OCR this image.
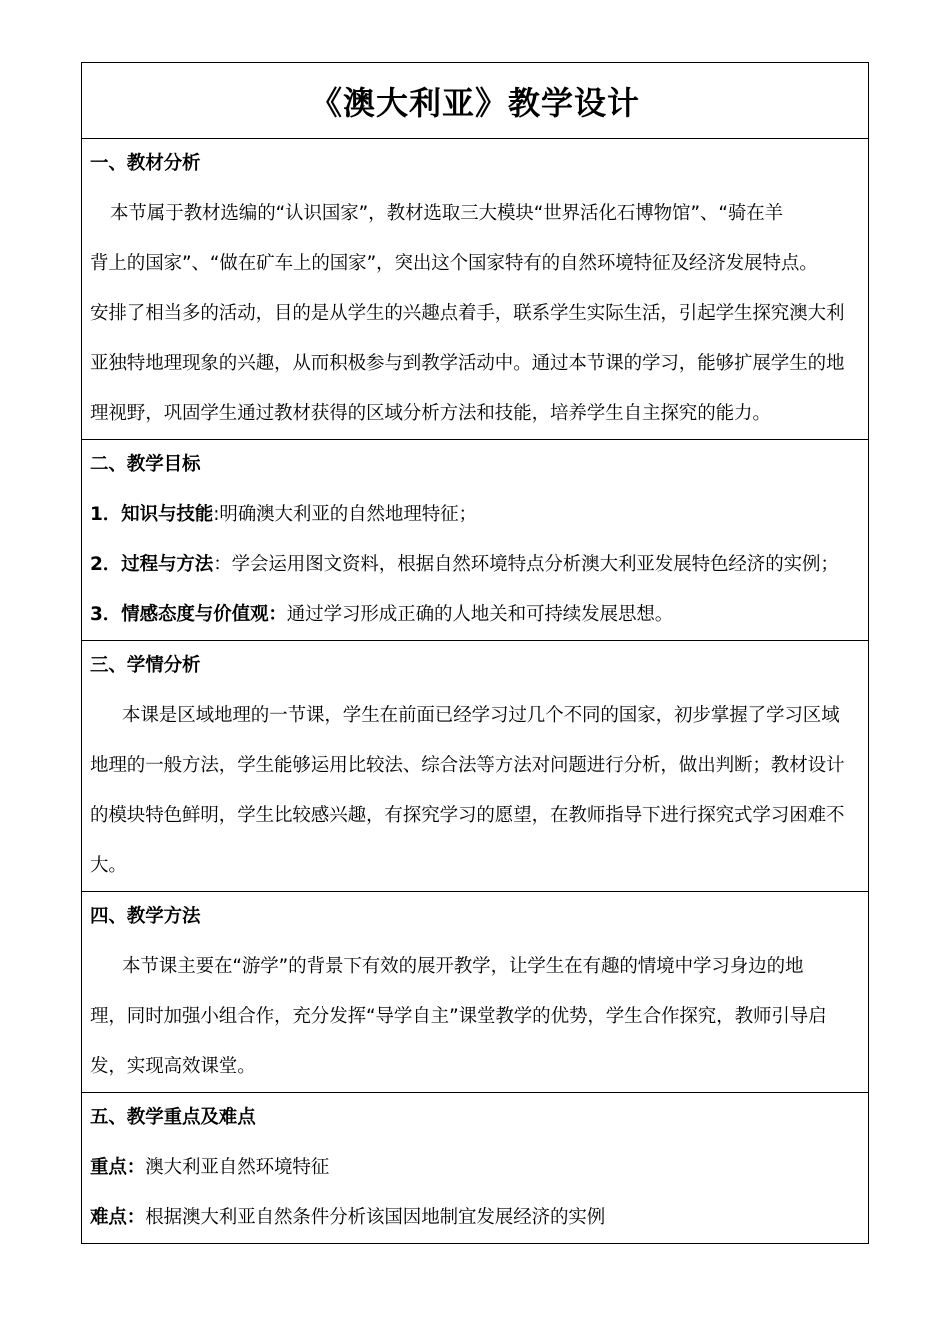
《澳大利亚》教学设计
一、教材分析
本节属于教材选编的“认识国家”，教材选取三大模块“世界活化石博物馆”、“骑在羊
背上的国家”、“做在矿车上的国家”，突出这个国家特有的自然环境特征及经济发展特点。
安排了相当多的活动，目的是从学生的兴趣点着手，联系学生实际生活，引起学生探究澳大利
亚独特地理现象的兴趣，从而积极参与到教学活动中。通过本节课的学习，能够扩展学生的地
理视野，巩固学生通过教材获得的区域分析方法和技能，培养学生自主探究的能力。
二、教学目标
1．知识与技能:明确澳大利亚的自然地理特征；
2．过程与方法：学会运用图文资料，根据自然环境特点分析澳大利亚发展特色经济的实例；
3．情感态度与价值观：通过学习形成正确的人地关和可持续发展思想。
三、学情分析
本课是区域地理的一节课，学生在前面已经学习过几个不同的国家，初步掌握了学习区域
地理的一般方法，学生能够运用比较法、综合法等方法对问题进行分析，做出判断；教材设计
的模块特色鲜明，学生比较感兴趣，有探究学习的愿望，在教师指导下进行探究式学习困难不
大。
四、教学方法
本节课主要在“游学”的背景下有效的展开教学，让学生在有趣的情境中学习身边的地
理，同时加强小组合作，充分发挥“导学自主”课堂教学的优势，学生合作探究，教师引导启
发，实现高效课堂。
五、教学重点及难点
重点：澳大利亚自然环境特征
难点：根据澳大利亚自然条件分析该国因地制宜发展经济的实例
